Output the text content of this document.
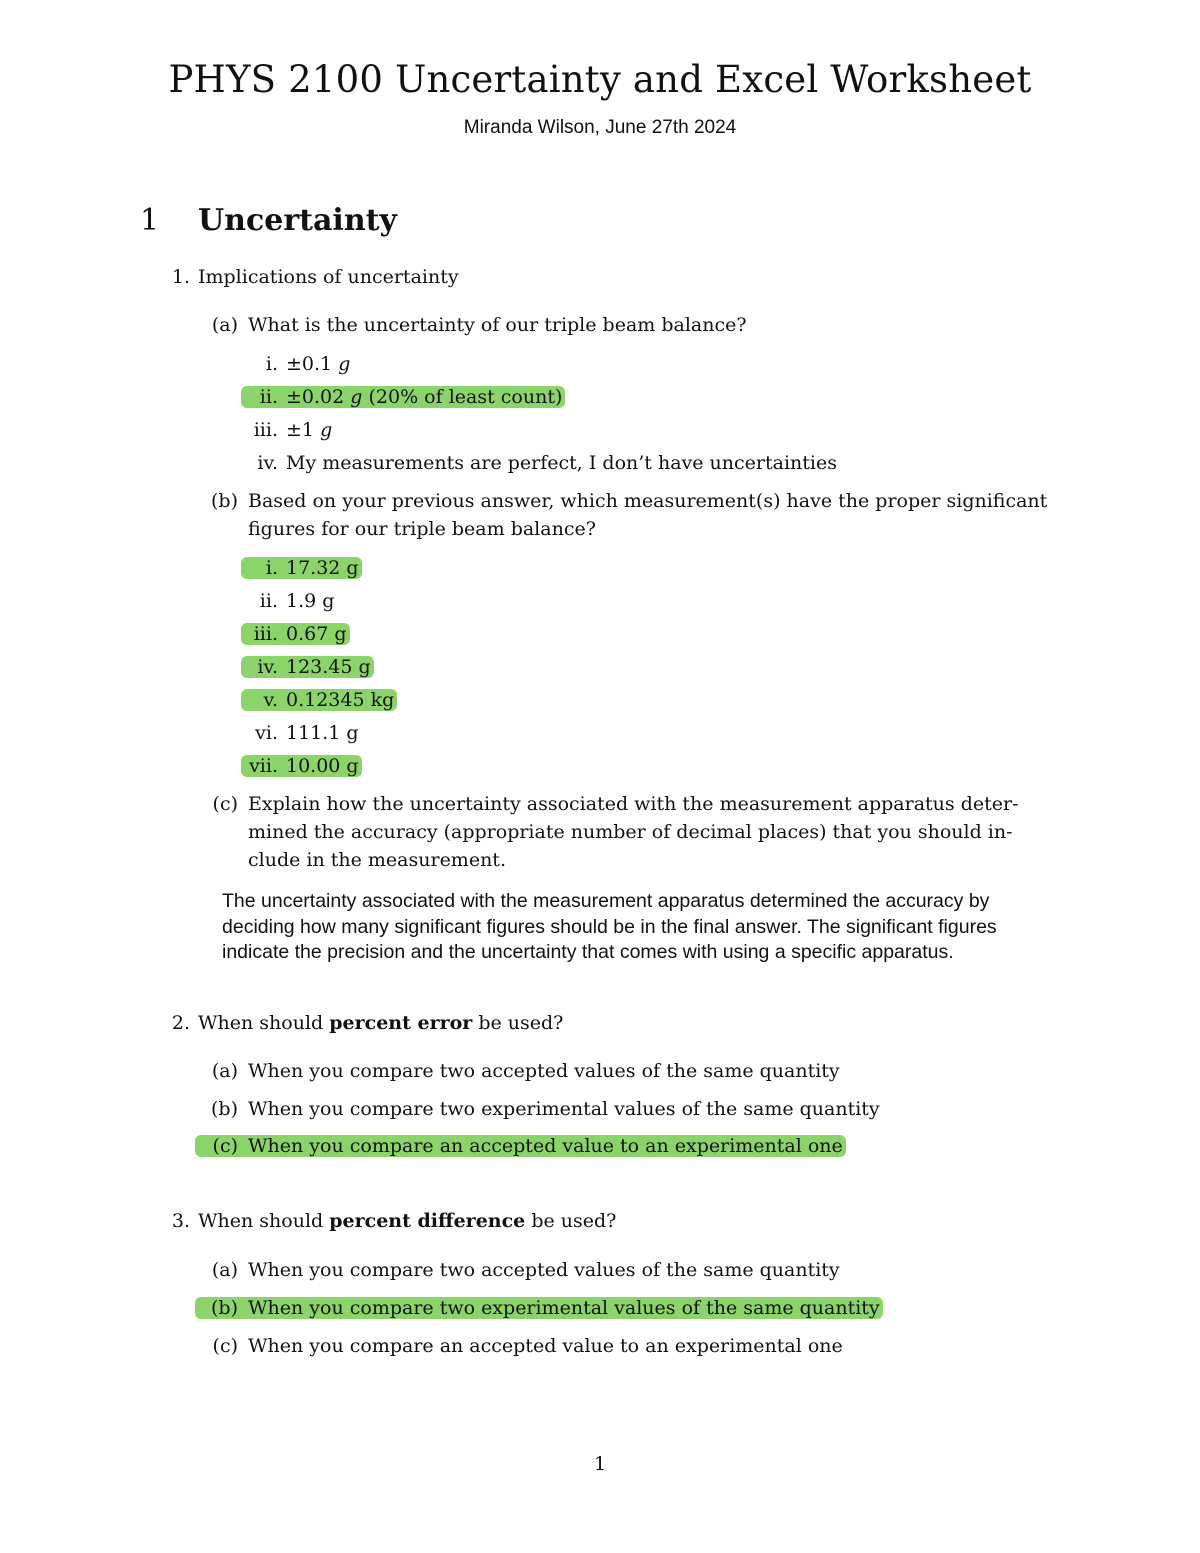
PHYS 2100 Uncertainty and Excel Worksheet
Miranda Wilson, June 27th 2024
1 Uncertainty
1. Implications of uncertainty
(a) What is the uncertainty of our triple beam balance?
i. ±0.1 g
ii. ±0.02 g (20% of least count)
iii. ±1 g
iv. My measurements are perfect, I don’t have uncertainties
(b) Based on your previous answer, which measurement(s) have the proper significant
figures for our triple beam balance?
i. 17.32 g
ii. 1.9 g
iii. 0.67 g
iv. 123.45 g
v. 0.12345 kg
vi. 111.1 g
vii. 10.00 g
(c) Explain how the uncertainty associated with the measurement apparatus deter-
mined the accuracy (appropriate number of decimal places) that you should in-
clude in the measurement.
The uncertainty associated with the measurement apparatus determined the accuracy by deciding how many significant figures should be in the final answer. The significant figures indicate the precision and the uncertainty that comes with using a specific apparatus.
2. When should percent error be used?
(a) When you compare two accepted values of the same quantity
(b) When you compare two experimental values of the same quantity
(c) When you compare an accepted value to an experimental one
3. When should percent difference be used?
(a) When you compare two accepted values of the same quantity
(b) When you compare two experimental values of the same quantity
(c) When you compare an accepted value to an experimental one
1
